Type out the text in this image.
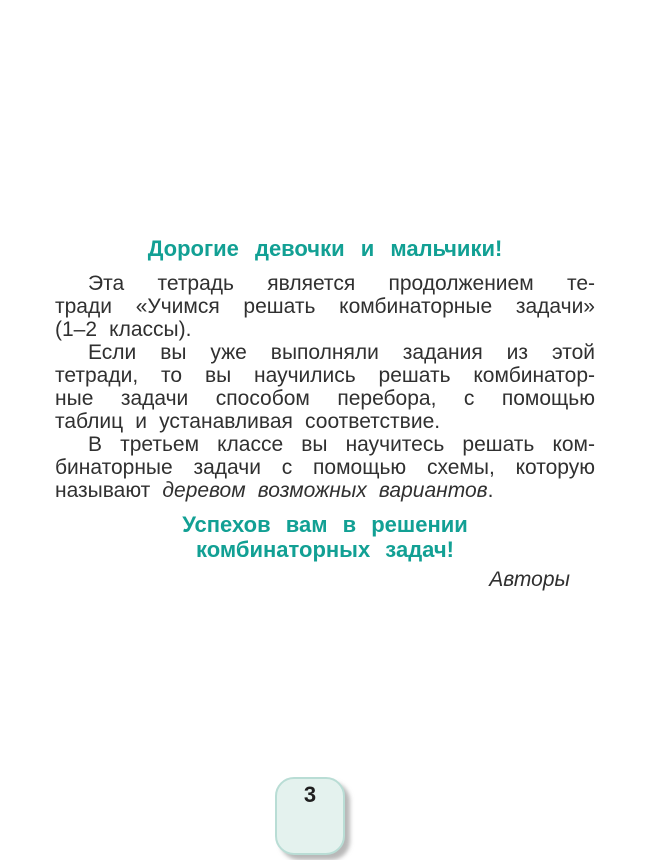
Дорогие девочки и мальчики!
Эта тетрадь является продолжением те-
тради «Учимся решать комбинаторные задачи»
(1–2 классы).
Если вы уже выполняли задания из этой
тетради, то вы научились решать комбинатор-
ные задачи способом перебора, с помощью
таблиц и устанавливая соответствие.
В третьем классе вы научитесь решать ком-
бинаторные задачи с помощью схемы, которую
называют деревом возможных вариантов.
Успехов вам в решении
комбинаторных задач!
Авторы
3
